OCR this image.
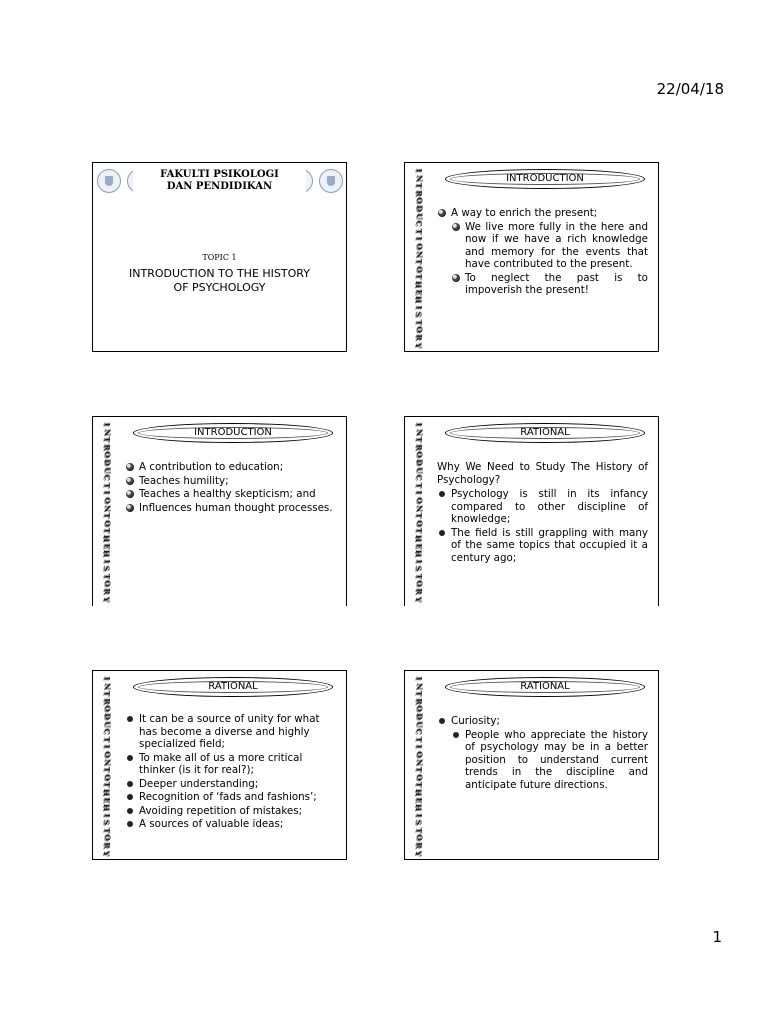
22/04/18
FAKULTI PSIKOLOGI
DAN PENDIDIKAN
TOPIC 1
INTRODUCTION TO THE HISTORY
OF PSYCHOLOGY
I
N
T
R
O
D
U
C
T
I
O
N
T
O
T
H
E
H
I
S
T
O
R
Y
INTRODUCTION
A way to enrich the present;
We live more fully in the here and now if we have a rich knowledge and memory for the events that have contributed to the present.
To neglect the past is to impoverish the present!
I
N
T
R
O
D
U
C
T
I
O
N
T
O
T
H
E
H
I
S
T
O
R
Y
INTRODUCTION
A contribution to education;
Teaches humility;
Teaches a healthy skepticism; and
Influences human thought processes.
I
N
T
R
O
D
U
C
T
I
O
N
T
O
T
H
E
H
I
S
T
O
R
Y
RATIONAL
Why We Need to Study The History of Psychology?
Psychology is still in its infancy compared to other discipline of knowledge;
The field is still grappling with many of the same topics that occupied it a century ago;
I
N
T
R
O
D
U
C
T
I
O
N
T
O
T
H
E
H
I
S
T
O
R
Y
RATIONAL
It can be a source of unity for what has become a diverse and highly specialized field;
To make all of us a more critical thinker (is it for real?);
Deeper understanding;
Recognition of ‘fads and fashions’;
Avoiding repetition of mistakes;
A sources of valuable ideas;
I
N
T
R
O
D
U
C
T
I
O
N
T
O
T
H
E
H
I
S
T
O
R
Y
RATIONAL
Curiosity;
People who appreciate the history of psychology may be in a better position to understand current trends in the discipline and anticipate future directions.
1
